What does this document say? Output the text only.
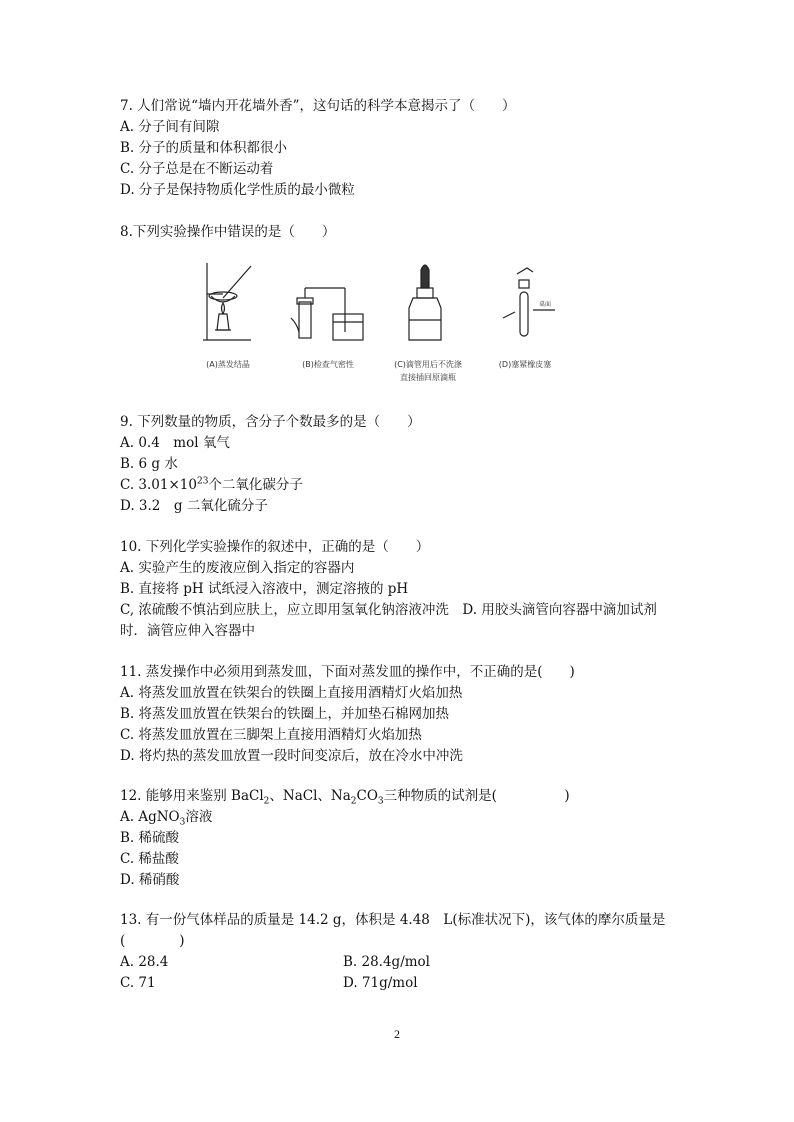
7. 人们常说“墙内开花墙外香”，这句话的科学本意揭示了（　　）
A. 分子间有间隙
B. 分子的质量和体积都很小
C. 分子总是在不断运动着
D. 分子是保持物质化学性质的最小微粒
8.下列实验操作中错误的是（　　）
桌面
(A)蒸发结晶	(B)检查气密性	(C)滴管用后不洗涤
直接插回原滴瓶
(D)塞紧橡皮塞
9. 下列数量的物质，含分子个数最多的是（　　）
A. 0.4　mol 氧气
B. 6 g 水
C. $3.01\times 10^{23}$个二氧化碳分子
D. 3.2　g 二氧化硫分子
10. 下列化学实验操作的叙述中，正确的是（　　）
A. 实验产生的废液应倒入指定的容器内
B. 直接将 pH 试纸浸入溶液中，测定溶掖的 pH
C, 浓硫酸不慎沾到应肤上，应立即用氢氧化钠溶液冲洗　D. 用胶头滴管向容器中滴加试剂时．滴管应伸入容器中
11. 蒸发操作中必须用到蒸发皿，下面对蒸发皿的操作中，不正确的是(　　)
A. 将蒸发皿放置在铁架台的铁圈上直接用酒精灯火焰加热
B. 将蒸发皿放置在铁架台的铁圈上，并加垫石棉网加热
C. 将蒸发皿放置在三脚架上直接用酒精灯火焰加热
D. 将灼热的蒸发皿放置一段时间变凉后，放在冷水中冲洗
12. 能够用来鉴别 BaCl$_2$、NaCl、$Na_2CO_3$三种物质的试剂是(　　　　　)
A. AgNO$_3$溶液
B. 稀硫酸
C. 稀盐酸
D. 稀硝酸
13. 有一份气体样品的质量是 14.2 g，体积是 4.48　L(标准状况下)，该气体的摩尔质量是(　　　　)
A. 28.4	B. 28.4g/mol
C. 71	D. 71g/mol
2
